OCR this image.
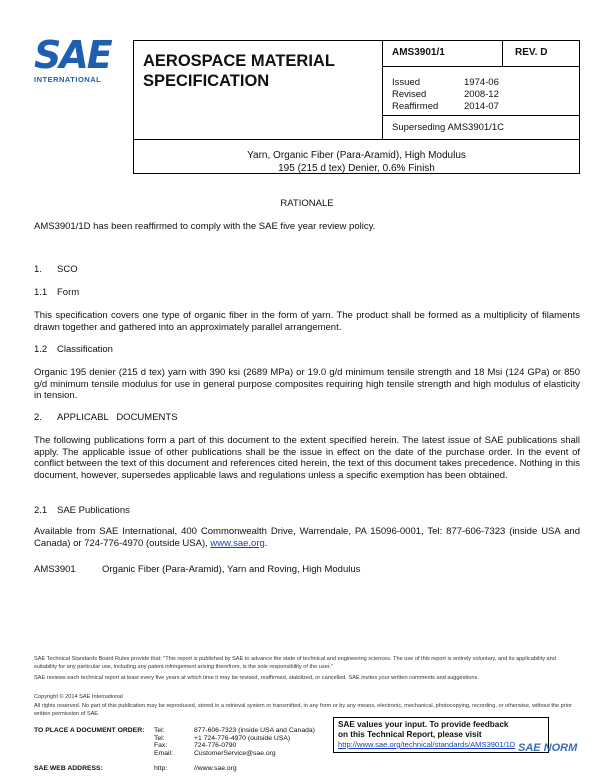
SAE
INTERNATIONAL
AEROSPACE MATERIAL
SPECIFICATION
AMS3901/1	REV. D
Issued	1974-06
Revised	2008-12
Reaffirmed	2014-07
Superseding AMS3901/1C
Yarn, Organic Fiber (Para-Aramid), High Modulus
195 (215 d tex) Denier, 0.6% Finish
RATIONALE
AMS3901/1D has been reaffirmed to comply with the SAE five year review policy.
1. SCO
1.1 Form
This specification covers one type of organic fiber in the form of yarn. The product shall be formed as a multiplicity of filaments drawn together and gathered into an approximately parallel arrangement.
1.2 Classification
Organic 195 denier (215 d tex) yarn with 390 ksi (2689 MPa) or 19.0 g/d minimum tensile strength and 18 Msi (124 GPa) or 850 g/d minimum tensile modulus for use in general purpose composites requiring high tensile strength and high modulus of elasticity in tension.
2. APPLICABL   DOCUMENTS
The following publications form a part of this document to the extent specified herein. The latest issue of SAE publications shall apply. The applicable issue of other publications shall be the issue in effect on the date of the purchase order. In the event of conflict between the text of this document and references cited herein, the text of this document takes precedence. Nothing in this document, however, supersedes applicable laws and regulations unless a specific exemption has been obtained.
2.1 SAE Publications
Available from SAE International, 400 Commonwealth Drive, Warrendale, PA 15096-0001, Tel: 877-606-7323 (inside USA and Canada) or 724-776-4970 (outside USA), www.sae.org.
AMS3901	Organic Fiber (Para-Aramid), Yarn and Roving, High Modulus
SAE Technical Standards Board Rules provide that: "This report is published by SAE to advance the state of technical and engineering sciences. The use of this report is entirely voluntary, and its applicability and suitability for any particular use, including any patent infringement arising therefrom, is the sole responsibility of the user."
SAE reviews each technical report at least every five years at which time it may be revised, reaffirmed, stabilized, or cancelled. SAE invites your written comments and suggestions.
Copyright © 2014 SAE International
All rights reserved. No part of this publication may be reproduced, stored in a retrieval system or transmitted, in any form or by any means, electronic, mechanical, photocopying, recording, or otherwise, without the prior written permission of SAE.
TO PLACE A DOCUMENT ORDER: Tel:	877-606-7323 (inside USA and Canada)
Tel:	+1 724-776-4970 (outside USA)
Fax:	724-776-0790
Email:	CustomerService@sae.org
SAE WEB ADDRESS:	http:	//www.sae.org
SAE values your input. To provide feedback
on this Technical Report, please visit
http://www.sae.org/technical/standards/AMS3901/1D SAE NORM
